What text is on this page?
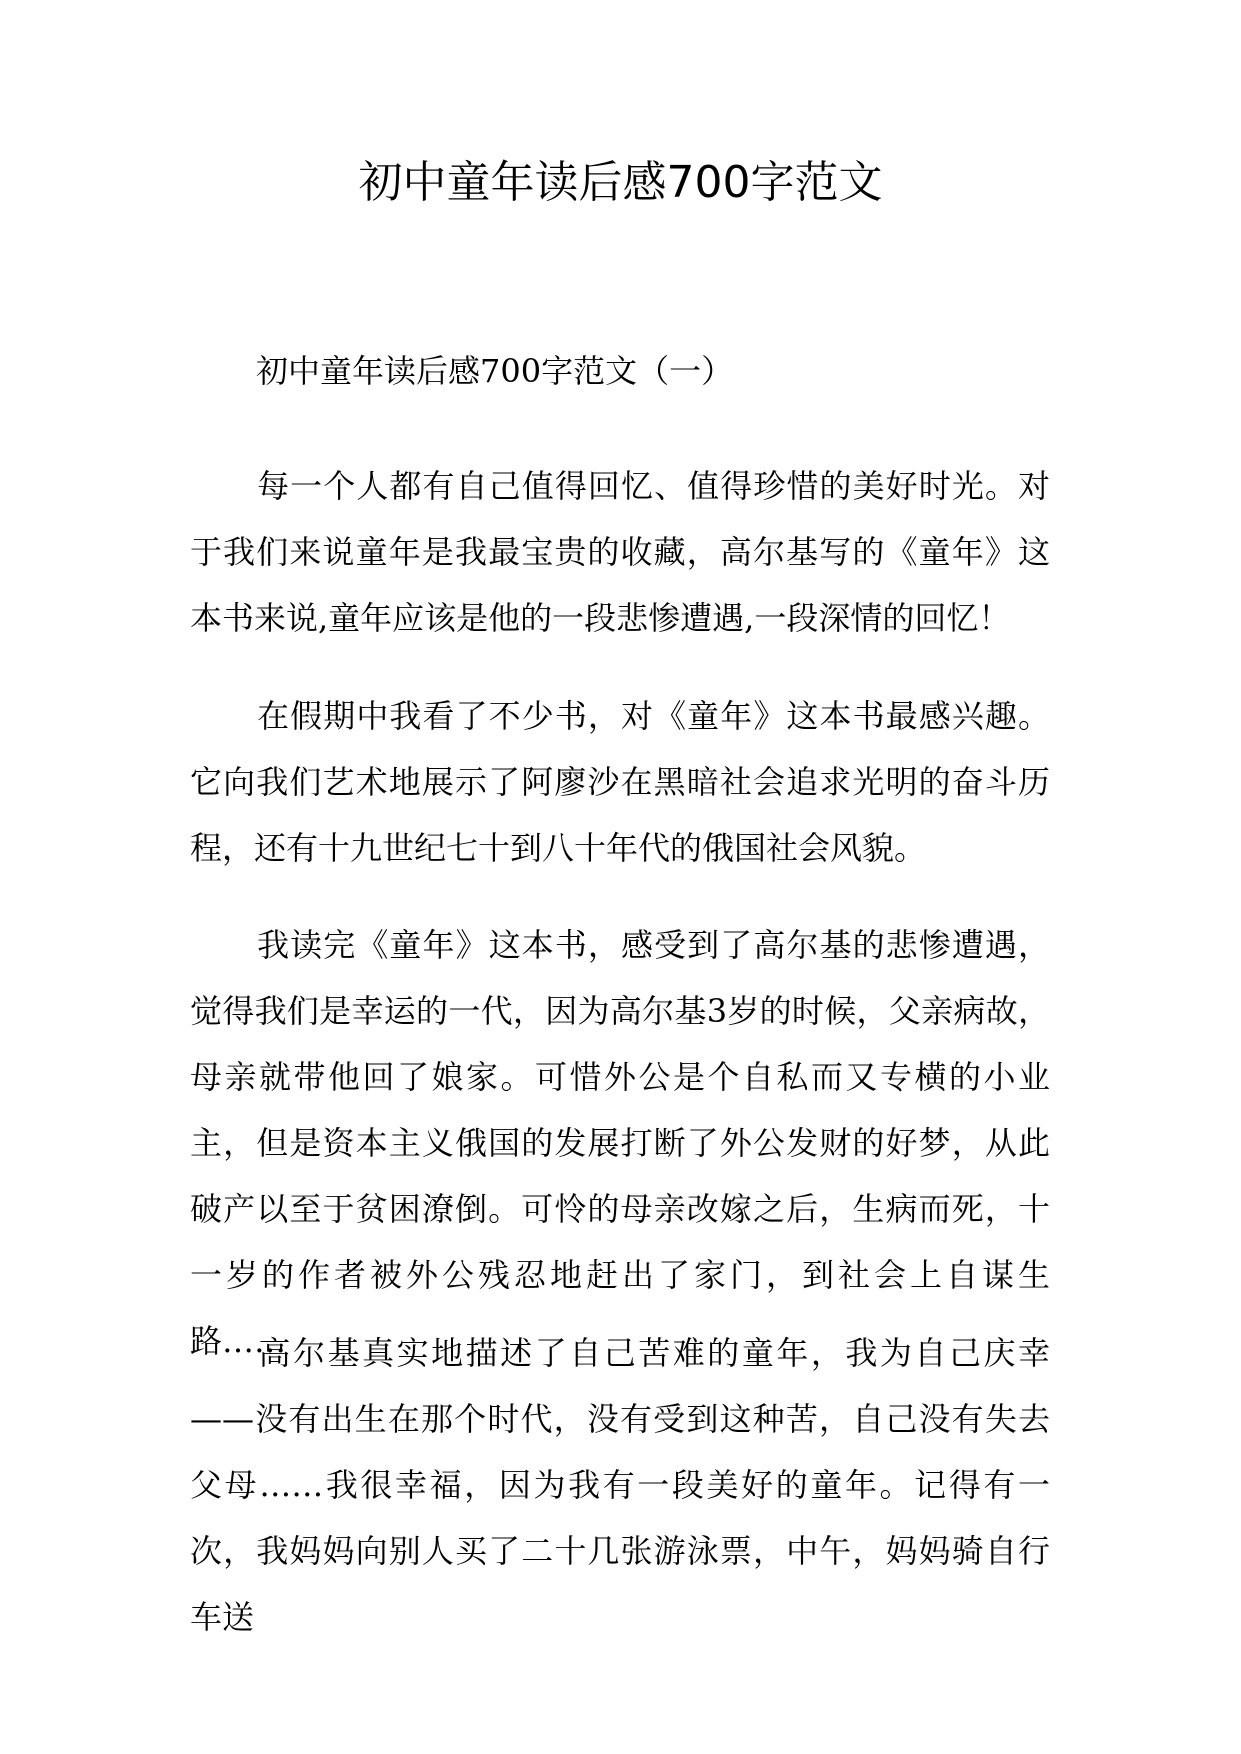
初中童年读后感700字范文

初中童年读后感700字范文（一）

每一个人都有自己值得回忆、值得珍惜的美好时光。对于我们来说童年是我最宝贵的收藏，高尔基写的《童年》这本书来说,童年应该是他的一段悲惨遭遇,一段深情的回忆！

在假期中我看了不少书，对《童年》这本书最感兴趣。它向我们艺术地展示了阿廖沙在黑暗社会追求光明的奋斗历程，还有十九世纪七十到八十年代的俄国社会风貌。

我读完《童年》这本书，感受到了高尔基的悲惨遭遇，觉得我们是幸运的一代，因为高尔基3岁的时候，父亲病故，母亲就带他回了娘家。可惜外公是个自私而又专横的小业主，但是资本主义俄国的发展打断了外公发财的好梦，从此破产以至于贫困潦倒。可怜的母亲改嫁之后，生病而死，十一岁的作者被外公残忍地赶出了家门，到社会上自谋生路……

高尔基真实地描述了自己苦难的童年，我为自己庆幸——没有出生在那个时代，没有受到这种苦，自己没有失去父母……我很幸福，因为我有一段美好的童年。记得有一次，我妈妈向别人买了二十几张游泳票，中午，妈妈骑自行车送
